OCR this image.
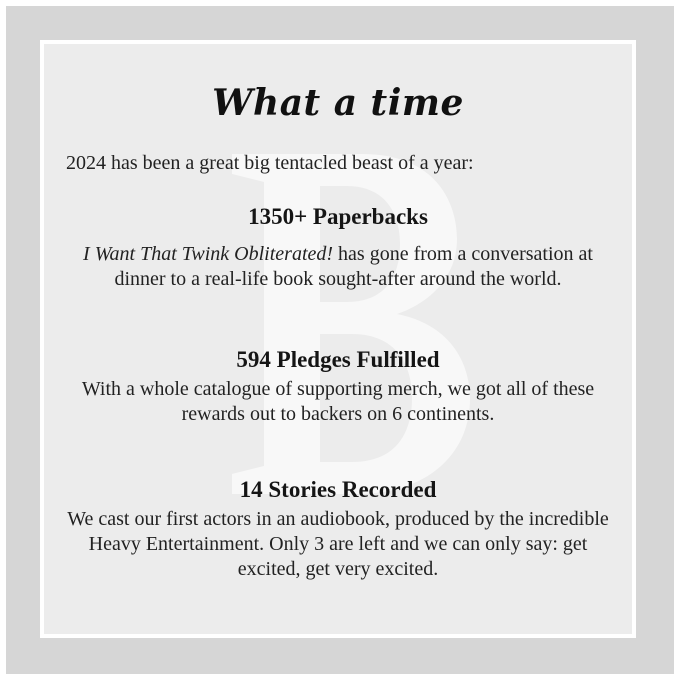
What a time
2024 has been a great big tentacled beast of a year:
1350+ Paperbacks

I Want That Twink Obliterated! has gone from a conversation at dinner to a real-life book sought-after around the world.

594 Pledges Fulfilled

With a whole catalogue of supporting merch, we got all of these rewards out to backers on 6 continents.

14 Stories Recorded

We cast our first actors in an audiobook, produced by the incredible Heavy Entertainment. Only 3 are left and we can only say: get excited, get very excited.
